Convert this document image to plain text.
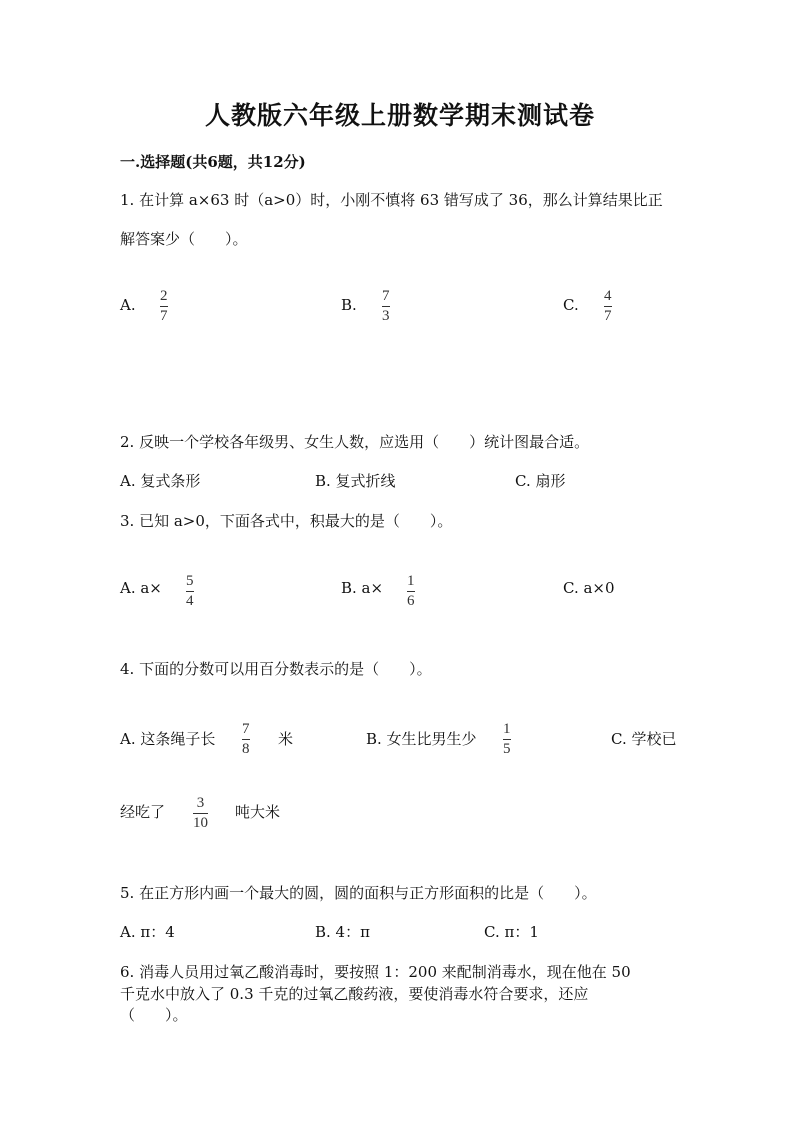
人教版六年级上册数学期末测试卷
一.选择题(共6题，共12分)
1. 在计算 a×63 时（a>0）时，小刚不慎将 63 错写成了 36，那么计算结果比正
解答案少（　　）。
A. 2
7
B. 7
3
C. 4
7
2. 反映一个学校各年级男、女生人数，应选用（　　）统计图最合适。
A. 复式条形	B. 复式折线	C. 扇形
3. 已知 a>0，下面各式中，积最大的是（　　）。
A. a× 5
4
B. a× 1
6
C. a×0
4. 下面的分数可以用百分数表示的是（　　）。
A. 这条绳子长
7
8
米	B. 女生比男生少
1
5
C. 学校已
经吃了 3
10
吨大米
5. 在正方形内画一个最大的圆，圆的面积与正方形面积的比是（　　）。
A. π：4	B. 4：π	C. π：1
6. 消毒人员用过氧乙酸消毒时，要按照 1：200 来配制消毒水，现在他在 50
千克水中放入了 0.3 千克的过氧乙酸药液，要使消毒水符合要求，还应
（　　）。
